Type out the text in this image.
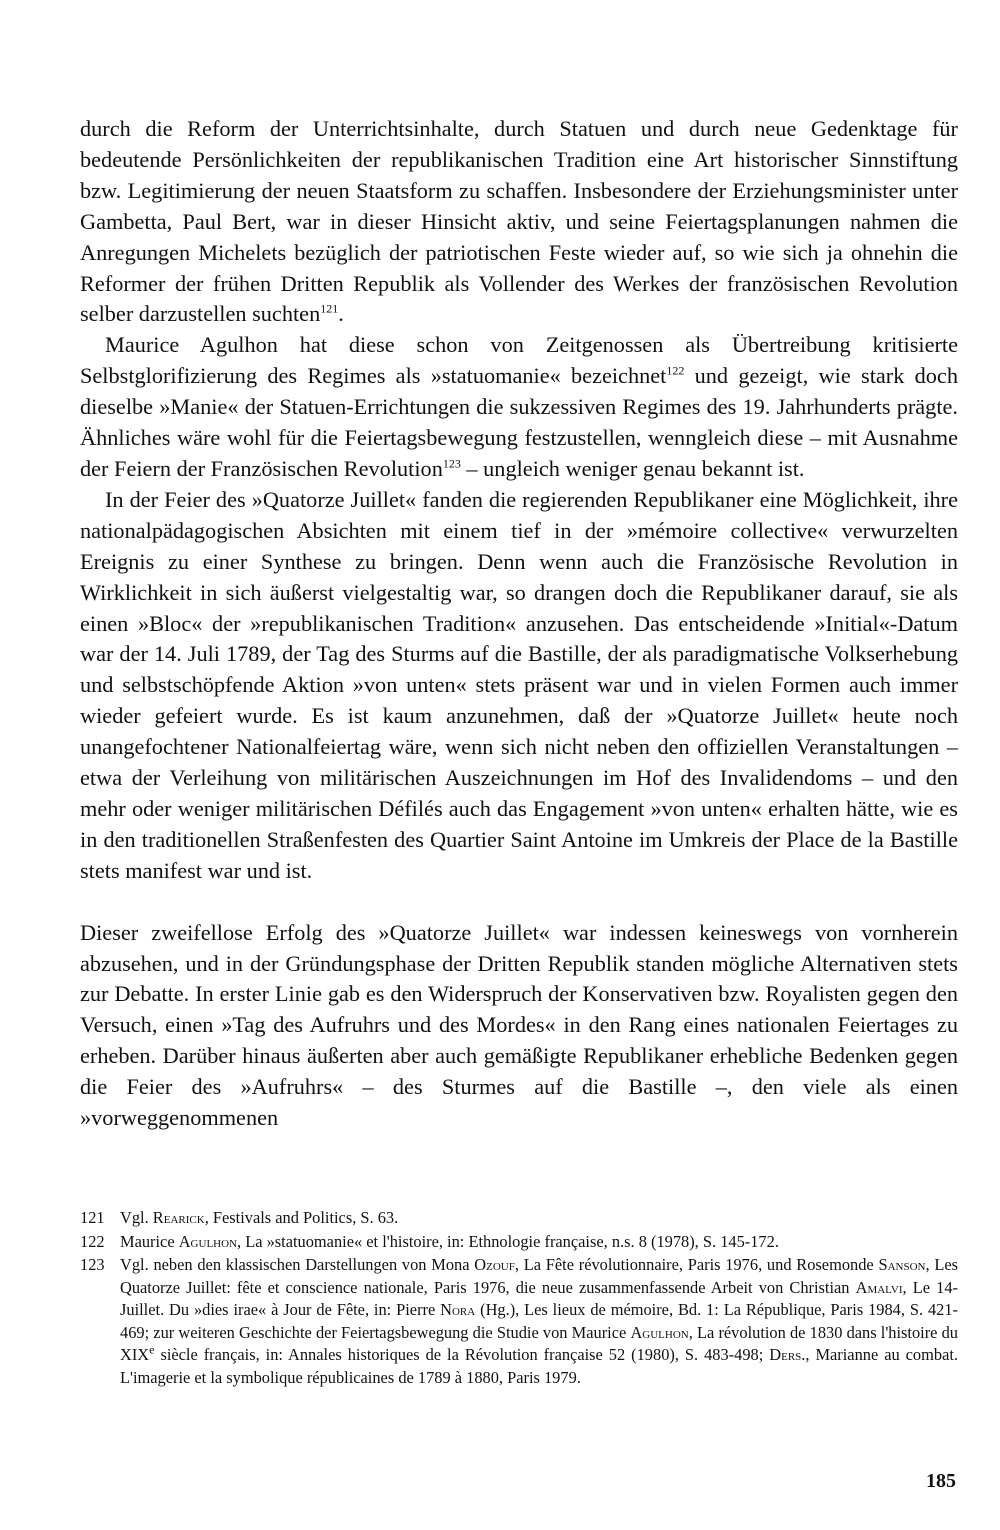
durch die Reform der Unterrichtsinhalte, durch Statuen und durch neue Gedenktage für bedeutende Persönlichkeiten der republikanischen Tradition eine Art historischer Sinnstiftung bzw. Legitimierung der neuen Staatsform zu schaffen. Insbesondere der Erziehungsminister unter Gambetta, Paul Bert, war in dieser Hinsicht aktiv, und seine Feiertagsplanungen nahmen die Anregungen Michelets bezüglich der patriotischen Feste wieder auf, so wie sich ja ohnehin die Reformer der frühen Dritten Republik als Vollender des Werkes der französischen Revolution selber darzustellen suchten$^{121}$.

Maurice Agulhon hat diese schon von Zeitgenossen als Übertreibung kritisierte Selbstglorifizierung des Regimes als »statuomanie« bezeichnet$^{122}$ und gezeigt, wie stark doch dieselbe »Manie« der Statuen-Errichtungen die sukzessiven Regimes des 19. Jahrhunderts prägte. Ähnliches wäre wohl für die Feiertagsbewegung festzustellen, wenngleich diese – mit Ausnahme der Feiern der Französischen Revolution$^{123}$ – ungleich weniger genau bekannt ist.

In der Feier des »Quatorze Juillet« fanden die regierenden Republikaner eine Möglichkeit, ihre nationalpädagogischen Absichten mit einem tief in der »mémoire collective« verwurzelten Ereignis zu einer Synthese zu bringen. Denn wenn auch die Französische Revolution in Wirklichkeit in sich äußerst vielgestaltig war, so drangen doch die Republikaner darauf, sie als einen »Bloc« der »republikanischen Tradition« anzusehen. Das entscheidende »Initial«-Datum war der 14. Juli 1789, der Tag des Sturms auf die Bastille, der als paradigmatische Volkserhebung und selbstschöpfende Aktion »von unten« stets präsent war und in vielen Formen auch immer wieder gefeiert wurde. Es ist kaum anzunehmen, daß der »Quatorze Juillet« heute noch unangefochtener Nationalfeiertag wäre, wenn sich nicht neben den offiziellen Veranstaltungen – etwa der Verleihung von militärischen Auszeichnungen im Hof des Invalidendoms – und den mehr oder weniger militärischen Défilés auch das Engagement »von unten« erhalten hätte, wie es in den traditionellen Straßenfesten des Quartier Saint Antoine im Umkreis der Place de la Bastille stets manifest war und ist.

Dieser zweifellose Erfolg des »Quatorze Juillet« war indessen keineswegs von vornherein abzusehen, und in der Gründungsphase der Dritten Republik standen mögliche Alternativen stets zur Debatte. In erster Linie gab es den Widerspruch der Konservativen bzw. Royalisten gegen den Versuch, einen »Tag des Aufruhrs und des Mordes« in den Rang eines nationalen Feiertages zu erheben. Darüber hinaus äußerten aber auch gemäßigte Republikaner erhebliche Bedenken gegen die Feier des »Aufruhrs« – des Sturmes auf die Bastille –, den viele als einen »vorweggenommenen

121 Vgl. Rearick, Festivals and Politics, S. 63.
122 Maurice Agulhon, La »statuomanie« et l'histoire, in: Ethnologie française, n.s. 8 (1978), S. 145-172.
123 Vgl. neben den klassischen Darstellungen von Mona Ozouf, La Fête révolutionnaire, Paris 1976, und Rosemonde Sanson, Les Quatorze Juillet: fête et conscience nationale, Paris 1976, die neue zusammenfassende Arbeit von Christian Amalvi, Le 14-Juillet. Du »dies irae« à Jour de Fête, in: Pierre Nora (Hg.), Les lieux de mémoire, Bd. 1: La République, Paris 1984, S. 421-469; zur weiteren Geschichte der Feiertagsbewegung die Studie von Maurice Agulhon, La révolution de 1830 dans l'histoire du XIXe siècle français, in: Annales historiques de la Révolution française 52 (1980), S. 483-498; Ders., Marianne au combat. L'imagerie et la symbolique républicaines de 1789 à 1880, Paris 1979.
185
